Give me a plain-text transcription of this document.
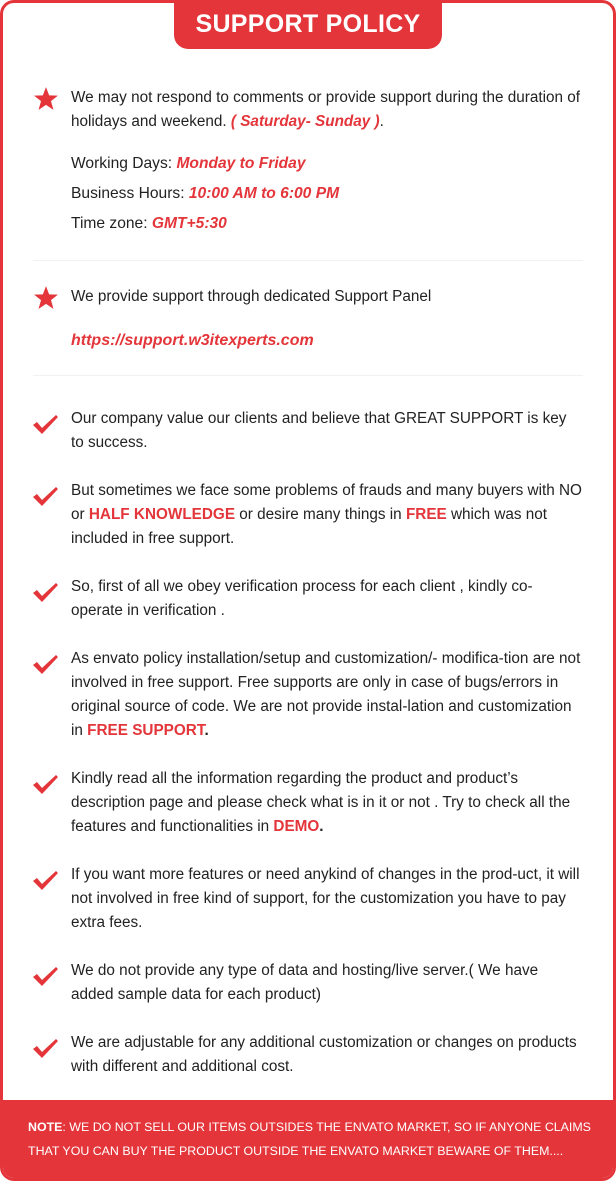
SUPPORT POLICY
We may not respond to comments or provide support during the duration of holidays and weekend. ( Saturday- Sunday ).
Working Days: Monday to Friday
Business Hours: 10:00 AM to 6:00 PM
Time zone: GMT+5:30
We provide support through dedicated Support Panel
https://support.w3itexperts.com
Our company value our clients and believe that GREAT SUPPORT is key to success.
But sometimes we face some problems of frauds and many buyers with NO or HALF KNOWLEDGE or desire many things in FREE which was not included in free support.
So, first of all we obey verification process for each client , kindly co-operate in verification .
As envato policy installation/setup and customization/- modifica-tion are not involved in free support. Free supports are only in case of bugs/errors in original source of code. We are not provide instal-lation and customization in FREE SUPPORT.
Kindly read all the information regarding the product and product’s description page and please check what is in it or not . Try to check all the features and functionalities in DEMO.
If you want more features or need anykind of changes in the prod-uct, it will not involved in free kind of support, for the customization you have to pay extra fees.
We do not provide any type of data and hosting/live server.( We have added sample data for each product)
We are adjustable for any additional customization or changes on products with different and additional cost.
NOTE: WE DO NOT SELL OUR ITEMS OUTSIDES THE ENVATO MARKET, SO IF ANYONE CLAIMS THAT YOU CAN BUY THE PRODUCT OUTSIDE THE ENVATO MARKET BEWARE OF THEM....
